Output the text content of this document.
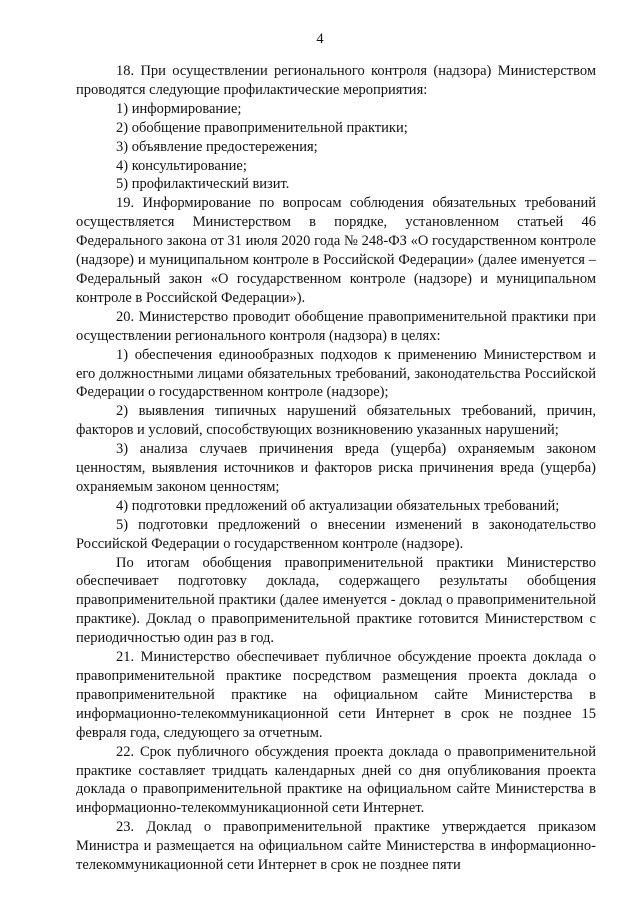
4

18. При осуществлении регионального контроля (надзора) Министерством проводятся следующие профилактические мероприятия:

1) информирование;

2) обобщение правоприменительной практики;

3) объявление предостережения;

4) консультирование;

5) профилактический визит.

19. Информирование по вопросам соблюдения обязательных требований осуществляется Министерством в порядке, установленном статьей 46 Федерального закона от 31 июля 2020 года № 248-ФЗ «О государственном контроле (надзоре) и муниципальном контроле в Российской Федерации» (далее именуется – Федеральный закон «О государственном контроле (надзоре) и муниципальном контроле в Российской Федерации»).

20. Министерство проводит обобщение правоприменительной практики при осуществлении регионального контроля (надзора) в целях:

1) обеспечения единообразных подходов к применению Министерством и его должностными лицами обязательных требований, законодательства Российской Федерации о государственном контроле (надзоре);

2) выявления типичных нарушений обязательных требований, причин, факторов и условий, способствующих возникновению указанных нарушений;

3) анализа случаев причинения вреда (ущерба) охраняемым законом ценностям, выявления источников и факторов риска причинения вреда (ущерба) охраняемым законом ценностям;

4) подготовки предложений об актуализации обязательных требований;

5) подготовки предложений о внесении изменений в законодательство Российской Федерации о государственном контроле (надзоре).

По итогам обобщения правоприменительной практики Министерство обеспечивает подготовку доклада, содержащего результаты обобщения правоприменительной практики (далее именуется - доклад о правоприменительной практике). Доклад о правоприменительной практике готовится Министерством с периодичностью один раз в год.

21. Министерство обеспечивает публичное обсуждение проекта доклада о правоприменительной практике посредством размещения проекта доклада о правоприменительной практике на официальном сайте Министерства в информационно-телекоммуникационной сети Интернет в срок не позднее 15 февраля года, следующего за отчетным.

22. Срок публичного обсуждения проекта доклада о правоприменительной практике составляет тридцать календарных дней со дня опубликования проекта доклада о правоприменительной практике на официальном сайте Министерства в информационно-телекоммуникационной сети Интернет.

23. Доклад о правоприменительной практике утверждается приказом Министра и размещается на официальном сайте Министерства в информационно-телекоммуникационной сети Интернет в срок не позднее пяти
